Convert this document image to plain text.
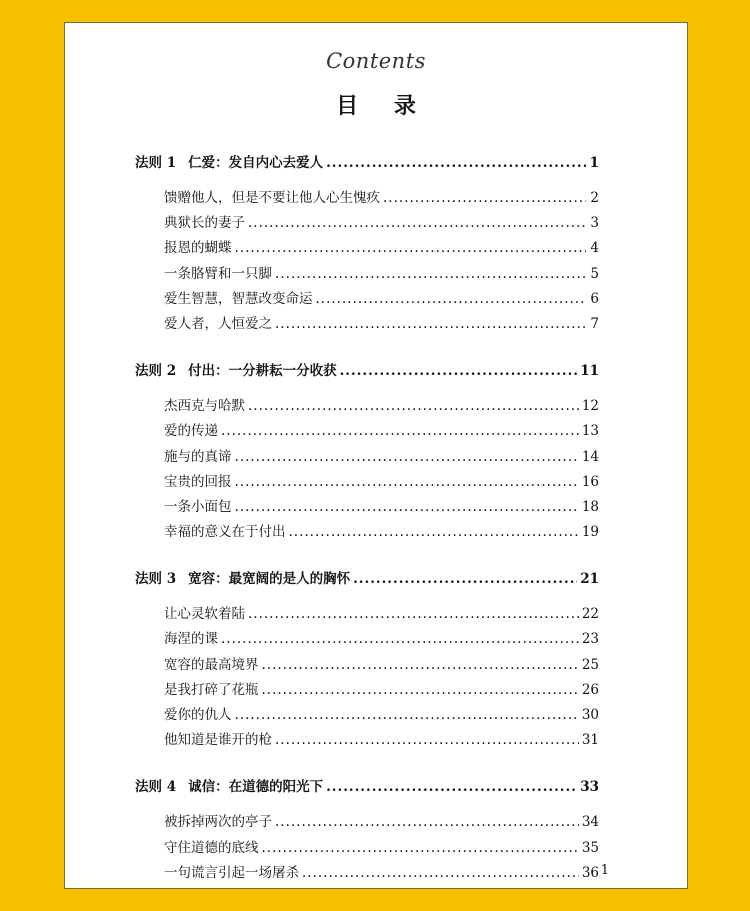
Contents
目 录
法则 1 仁爱：发自内心去爱人 .....	1
馈赠他人，但是不要让他人心生愧疚 .....	2
典狱长的妻子 .....	3
报恩的蝴蝶 .....	4
一条胳臂和一只脚 .....	5
爱生智慧，智慧改变命运 .....	6
爱人者，人恒爱之 .....	7
法则 2 付出：一分耕耘一分收获 .....	11
杰西克与哈默 .....	12
爱的传递 .....	13
施与的真谛 .....	14
宝贵的回报 .....	16
一条小面包 .....	18
幸福的意义在于付出 .....	19
法则 3 宽容：最宽阔的是人的胸怀 .....	21
让心灵软着陆 .....	22
海涅的课 .....	23
宽容的最高境界 .....	25
是我打碎了花瓶 .....	26
爱你的仇人 .....	30
他知道是谁开的枪 .....	31
法则 4 诚信：在道德的阳光下 .....	33
被拆掉两次的亭子 .....	34
守住道德的底线 .....	35
一句谎言引起一场屠杀 .....	36 1
